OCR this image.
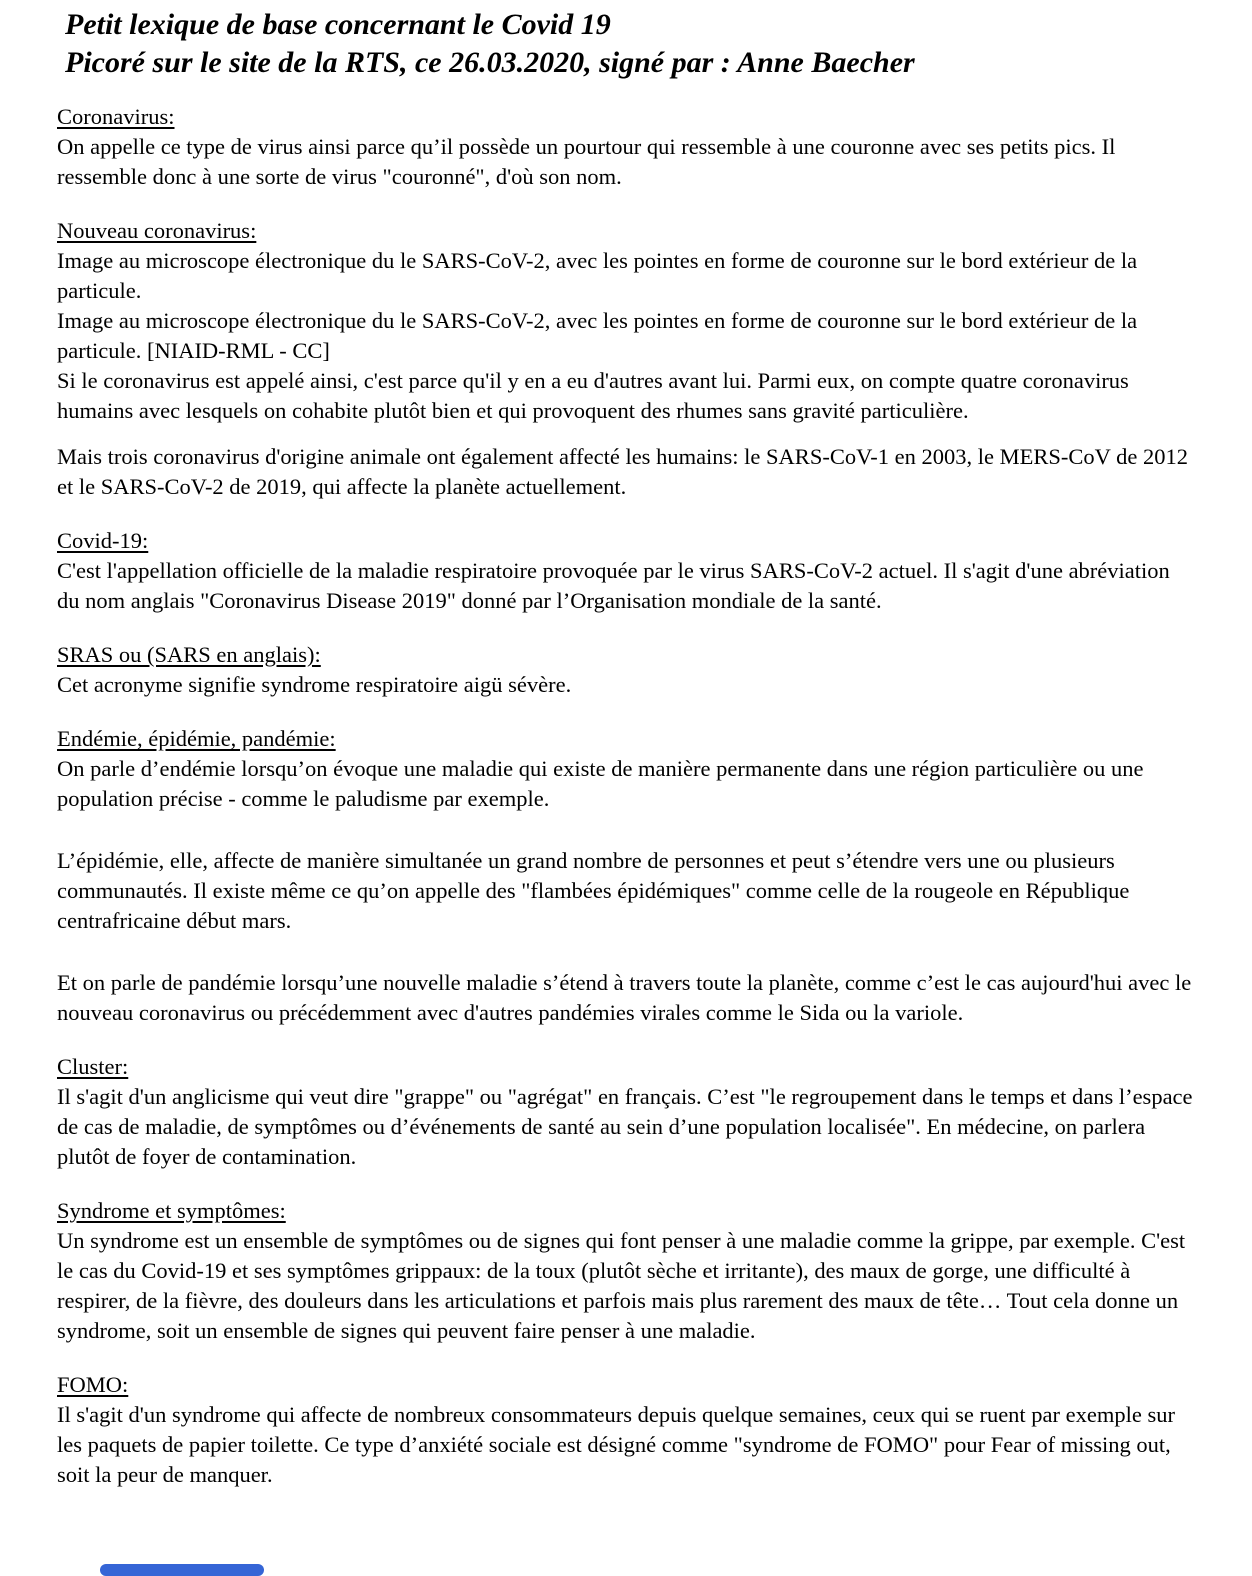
Petit lexique de base concernant le Covid 19
Picoré sur le site de la RTS, ce 26.03.2020, signé par : Anne Baecher
Coronavirus:

On appelle ce type de virus ainsi parce qu’il possède un pourtour qui ressemble à une couronne avec ses petits pics. Il ressemble donc à une sorte de virus "couronné", d'où son nom.

Nouveau coronavirus:

Image au microscope électronique du le SARS-CoV-2, avec les pointes en forme de couronne sur le bord extérieur de la particule.

Image au microscope électronique du le SARS-CoV-2, avec les pointes en forme de couronne sur le bord extérieur de la particule. [NIAID-RML - CC]

Si le coronavirus est appelé ainsi, c'est parce qu'il y en a eu d'autres avant lui. Parmi eux, on compte quatre coronavirus humains avec lesquels on cohabite plutôt bien et qui provoquent des rhumes sans gravité particulière.

Mais trois coronavirus d'origine animale ont également affecté les humains: le SARS-CoV-1 en 2003, le MERS-CoV de 2012 et le SARS-CoV-2 de 2019, qui affecte la planète actuellement.

Covid-19:

C'est l'appellation officielle de la maladie respiratoire provoquée par le virus SARS-CoV-2 actuel. Il s'agit d'une abréviation du nom anglais "Coronavirus Disease 2019" donné par l’Organisation mondiale de la santé.

SRAS ou (SARS en anglais):

Cet acronyme signifie syndrome respiratoire aigü sévère.

Endémie, épidémie, pandémie:

On parle d’endémie lorsqu’on évoque une maladie qui existe de manière permanente dans une région particulière ou une population précise - comme le paludisme par exemple.

L’épidémie, elle, affecte de manière simultanée un grand nombre de personnes et peut s’étendre vers une ou plusieurs communautés. Il existe même ce qu’on appelle des "flambées épidémiques" comme celle de la rougeole en République centrafricaine début mars.

Et on parle de pandémie lorsqu’une nouvelle maladie s’étend à travers toute la planète, comme c’est le cas aujourd'hui avec le nouveau coronavirus ou précédemment avec d'autres pandémies virales comme le Sida ou la variole.

Cluster:

Il s'agit d'un anglicisme qui veut dire "grappe" ou "agrégat" en français. C’est "le regroupement dans le temps et dans l’espace de cas de maladie, de symptômes ou d’événements de santé au sein d’une population localisée". En médecine, on parlera plutôt de foyer de contamination.

Syndrome et symptômes:

Un syndrome est un ensemble de symptômes ou de signes qui font penser à une maladie comme la grippe, par exemple. C'est le cas du Covid-19 et ses symptômes grippaux: de la toux (plutôt sèche et irritante), des maux de gorge, une difficulté à respirer, de la fièvre, des douleurs dans les articulations et parfois mais plus rarement des maux de tête… Tout cela donne un syndrome, soit un ensemble de signes qui peuvent faire penser à une maladie.

FOMO:

Il s'agit d'un syndrome qui affecte de nombreux consommateurs depuis quelque semaines, ceux qui se ruent par exemple sur les paquets de papier toilette. Ce type d’anxiété sociale est désigné comme "syndrome de FOMO" pour Fear of missing out, soit la peur de manquer.
